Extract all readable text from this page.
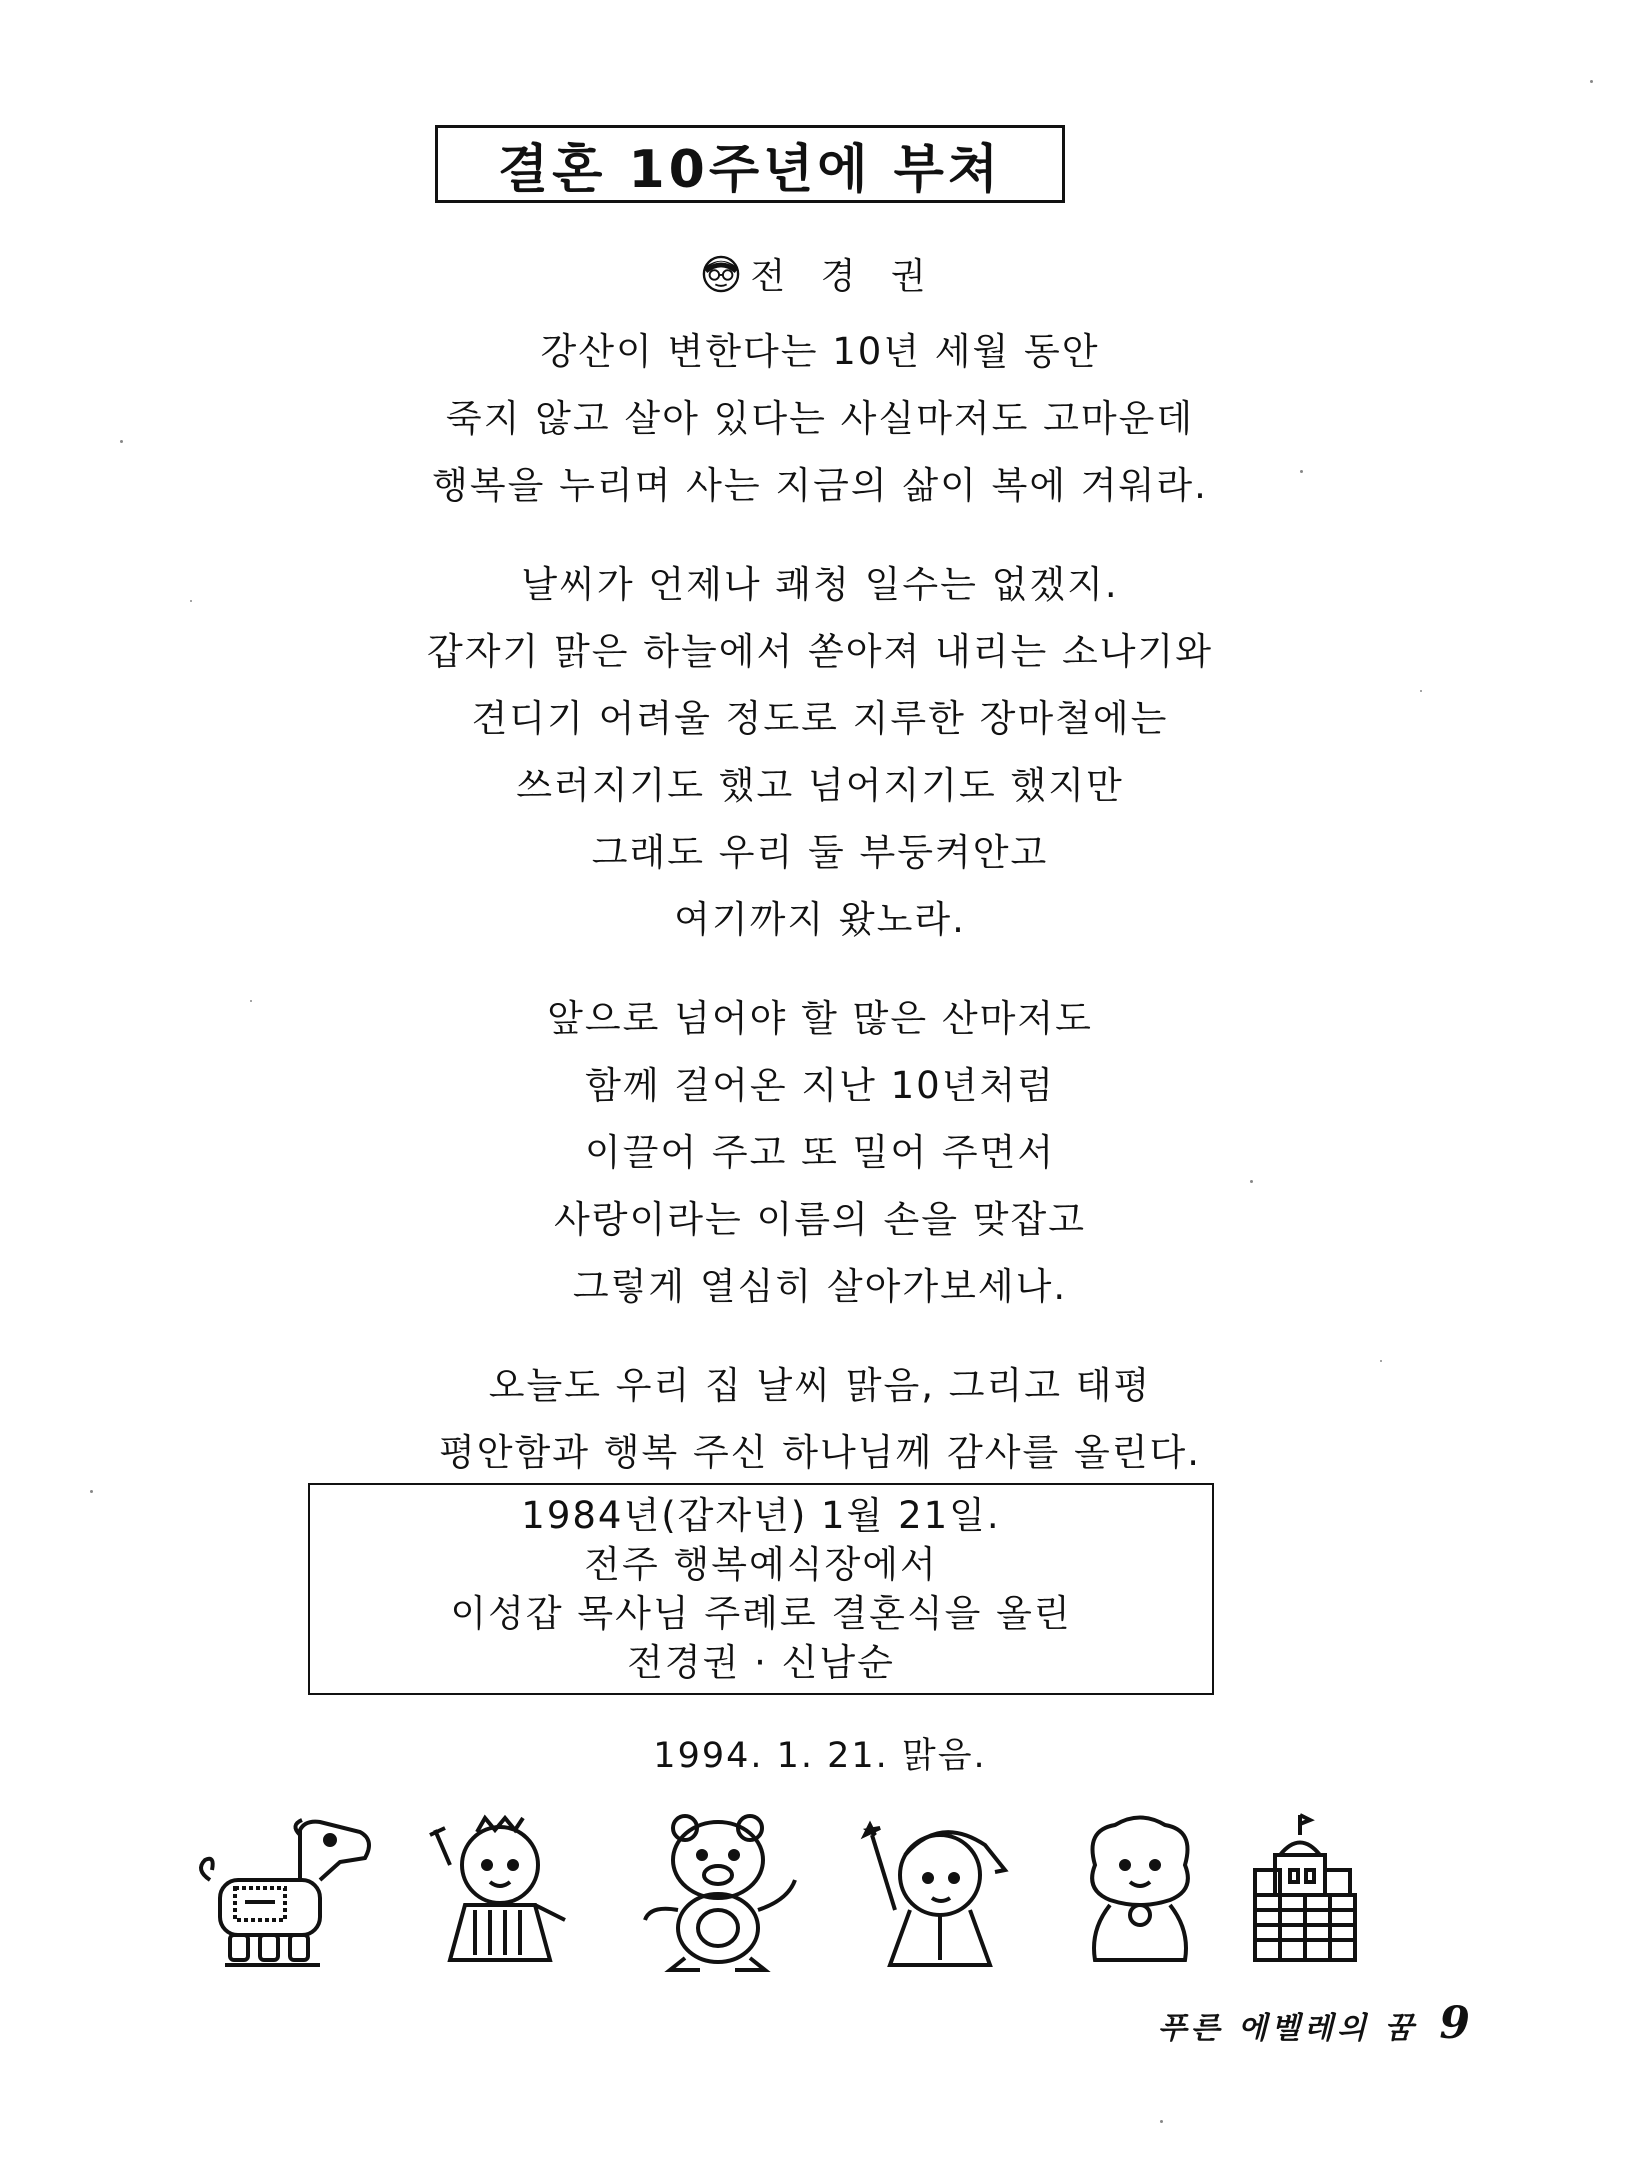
결혼 10주년에 부쳐
전 경 권
강산이 변한다는 10년 세월 동안
죽지 않고 살아 있다는 사실마저도 고마운데
행복을 누리며 사는 지금의 삶이 복에 겨워라.
날씨가 언제나 쾌청 일수는 없겠지.
갑자기 맑은 하늘에서 쏟아져 내리는 소나기와
견디기 어려울 정도로 지루한 장마철에는
쓰러지기도 했고 넘어지기도 했지만
그래도 우리 둘 부둥켜안고
여기까지 왔노라.
앞으로 넘어야 할 많은 산마저도
함께 걸어온 지난 10년처럼
이끌어 주고 또 밀어 주면서
사랑이라는 이름의 손을 맞잡고
그렇게 열심히 살아가보세나.
오늘도 우리 집 날씨 맑음, 그리고 태평
평안함과 행복 주신 하나님께 감사를 올린다.
1984년(갑자년) 1월 21일.
전주 행복예식장에서
이성갑 목사님 주례로 결혼식을 올린
전경권 · 신남순
1994. 1. 21. 맑음.
푸른 에벨레의 꿈 9
